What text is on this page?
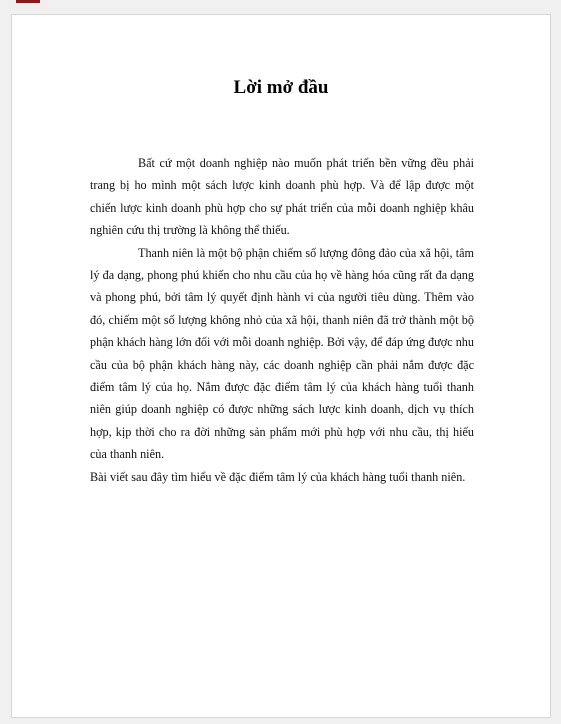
Lời mở đầu

Bất cứ một doanh nghiệp nào muốn phát triển bền vững đều phải trang bị ho mình một sách lược kinh doanh phù hợp. Và để lập được một chiến lược kinh doanh phù hợp cho sự phát triển của mỗi doanh nghiệp khâu nghiên cứu thị trường là không thể thiếu.

Thanh niên là một bộ phận chiếm số lượng đông đảo của xã hội, tâm lý đa dạng, phong phú khiến cho nhu cầu của họ về hàng hóa cũng rất đa dạng và phong phú, bởi tâm lý quyết định hành vi của người tiêu dùng. Thêm vào đó, chiếm một số lượng không nhỏ của xã hội, thanh niên đã trở thành một bộ phận khách hàng lớn đối với mỗi doanh nghiệp. Bởi vậy, để đáp ứng được nhu cầu của bộ phận khách hàng này, các doanh nghiệp cần phải nắm được đặc điểm tâm lý của họ. Nắm được đặc điểm tâm lý của khách hàng tuổi thanh niên giúp doanh nghiệp có được những sách lược kinh doanh, dịch vụ thích hợp, kịp thời cho ra đời những sản phẩm mới phù hợp với nhu cầu, thị hiếu của thanh niên.

Bài viết sau đây tìm hiểu về đặc điểm tâm lý của khách hàng tuổi thanh niên.
